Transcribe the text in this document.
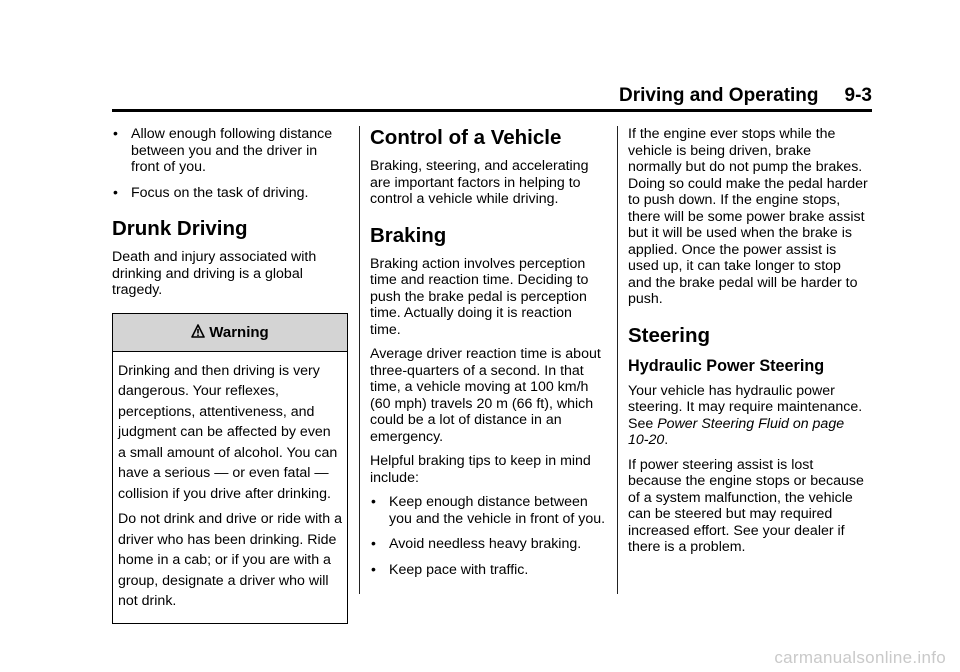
Driving and Operating 9-3
• Allow enough following distance between you and the driver in front of you.
• Focus on the task of driving.
Drunk Driving

Death and injury associated with drinking and driving is a global tragedy.

Warning

Drinking and then driving is very dangerous. Your reflexes, perceptions, attentiveness, and judgment can be affected by even a small amount of alcohol. You can have a serious — or even fatal — collision if you drive after drinking.

Do not drink and drive or ride with a driver who has been drinking. Ride home in a cab; or if you are with a group, designate a driver who will not drink.

Control of a Vehicle

Braking, steering, and accelerating are important factors in helping to control a vehicle while driving.

Braking

Braking action involves perception time and reaction time. Deciding to push the brake pedal is perception time. Actually doing it is reaction time.

Average driver reaction time is about three-quarters of a second. In that time, a vehicle moving at 100 km/h (60 mph) travels 20 m (66 ft), which could be a lot of distance in an emergency.

Helpful braking tips to keep in mind include:

• Keep enough distance between you and the vehicle in front of you.
• Avoid needless heavy braking.
• Keep pace with traffic.

If the engine ever stops while the vehicle is being driven, brake normally but do not pump the brakes. Doing so could make the pedal harder to push down. If the engine stops, there will be some power brake assist but it will be used when the brake is applied. Once the power assist is used up, it can take longer to stop and the brake pedal will be harder to push.

Steering
Hydraulic Power Steering

Your vehicle has hydraulic power steering. It may require maintenance. See Power Steering Fluid on page 10-20.

If power steering assist is lost because the engine stops or because of a system malfunction, the vehicle can be steered but may required increased effort. See your dealer if there is a problem.

carmanualsonline.info
